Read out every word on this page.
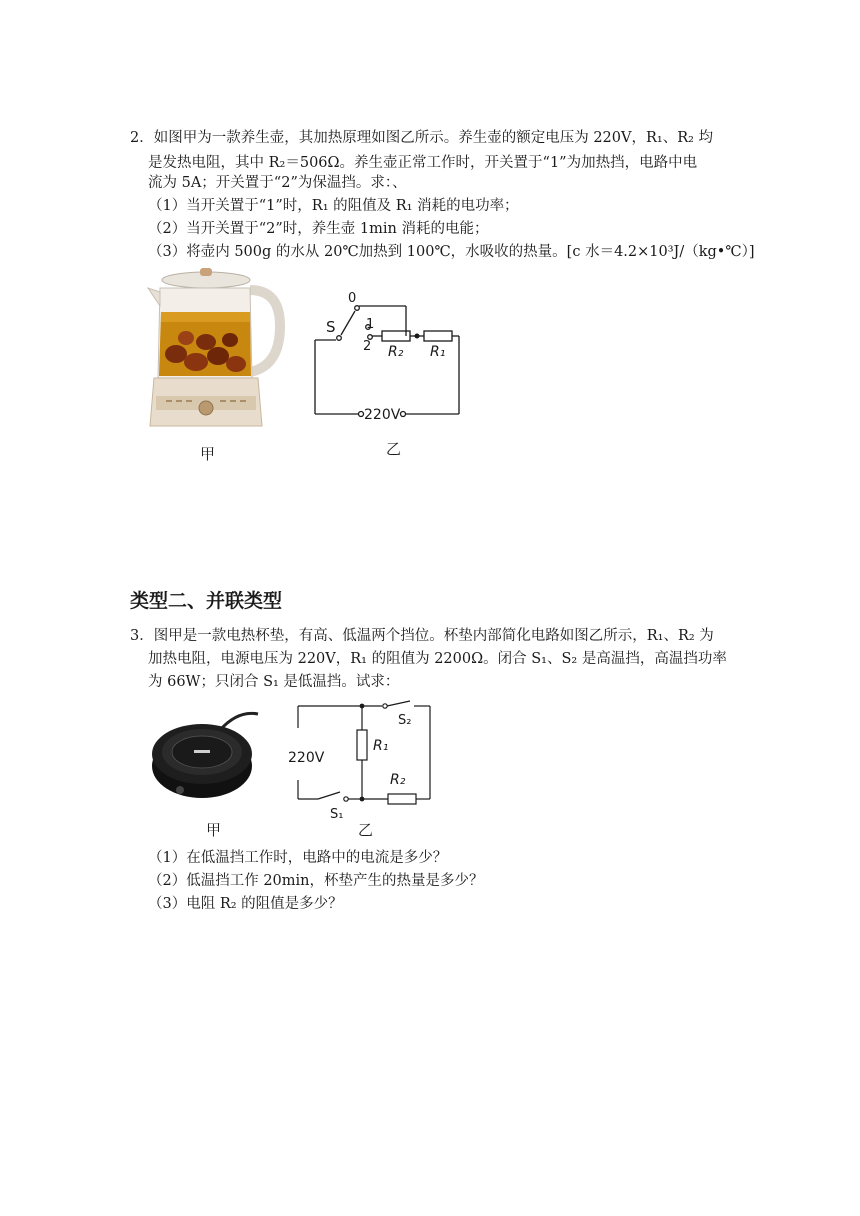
2．如图甲为一款养生壶，其加热原理如图乙所示。养生壶的额定电压为 220V，R₁、R₂ 均
是发热电阻，其中 R₂＝506Ω。养生壶正常工作时，开关置于“1”为加热挡，电路中电
流为 5A；开关置于“2”为保温挡。求：、
（1）当开关置于“1”时，R₁ 的阻值及 R₁ 消耗的电功率；
（2）当开关置于“2”时，养生壶 1min 消耗的电能；
（3）将壶内 500g 的水从 20℃加热到 100℃，水吸收的热量。[c 水＝4.2×10³J/（kg•℃）]
甲
S
0
1
2 R₂ R₁
220V
乙
类型二、并联类型
3．图甲是一款电热杯垫，有高、低温两个挡位。杯垫内部简化电路如图乙所示，R₁、R₂ 为
加热电阻，电源电压为 220V，R₁ 的阻值为 2200Ω。闭合 S₁、S₂ 是高温挡，高温挡功率
为 66W；只闭合 S₁ 是低温挡。试求：
甲
220V
S₂
R₁
R₂
S₁
乙
（1）在低温挡工作时，电路中的电流是多少？
（2）低温挡工作 20min，杯垫产生的热量是多少？
（3）电阻 R₂ 的阻值是多少？
